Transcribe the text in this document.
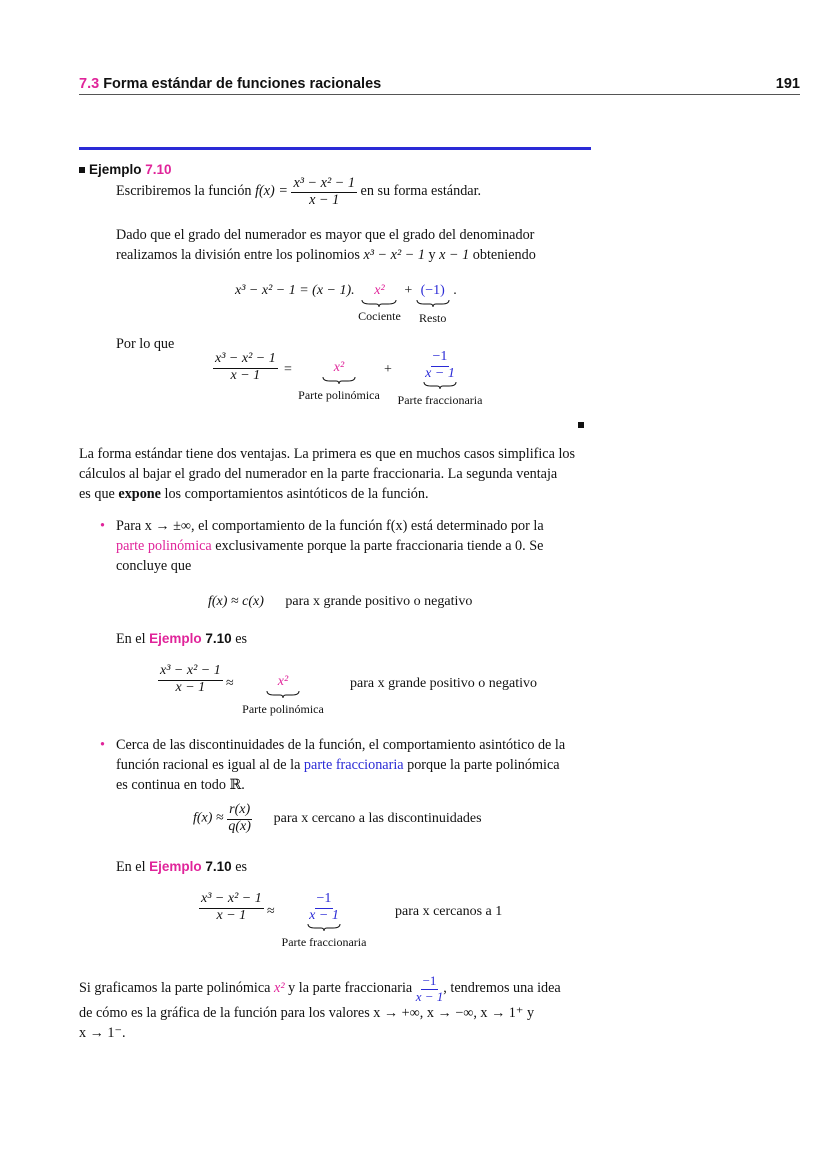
7.3 Forma estándar de funciones racionales	191
Ejemplo 7.10
Escribiremos la función $f(x) = \frac{\text{x³ − x² − 1}}{x - 1}$ en su forma estándar.
Dado que el grado del numerador es mayor que el grado del denominador
realizamos la división entre los polinomios x³ − x² − 1 y x − 1 obteniendo
x³ − x² − 1 = (x − 1). x²
Cociente
+ (−1)
Resto
.
Por lo que
$\frac{\text{x³ − x² − 1}}{x - 1}$ =	x²
Parte polinómica
+ $\frac{-1}{x - 1}$
Parte fraccionaria
La forma estándar tiene dos ventajas. La primera es que en muchos casos simplifica los
cálculos al bajar el grado del numerador en la parte fraccionaria. La segunda ventaja
es que expone los comportamientos asintóticos de la función.
• Para x → ±∞, el comportamiento de la función f(x) está determinado por la
parte polinómica exclusivamente porque la parte fraccionaria tiende a 0. Se
concluye que
f(x) ≈ c(x) para x grande positivo o negativo
En el Ejemplo 7.10 es
$\frac{\text{x³ − x² − 1}}{x - 1}$ ≈	x²
Parte polinómica
para x grande positivo o negativo
• Cerca de las discontinuidades de la función, el comportamiento asintótico de la
función racional es igual al de la parte fraccionaria porque la parte polinómica
es continua en todo ℝ.
$f(x) \approx \frac{r(x)}{q(x)}$ para x cercano a las discontinuidades
En el Ejemplo 7.10 es
$\frac{\text{x³ − x² − 1}}{x - 1} \approx \frac{-1}{x - 1}$
Parte fraccionaria
para x cercanos a 1
Si graficamos la parte polinómica x² y la parte fraccionaria $\frac{-1}{x - 1}$ , tendremos una idea
de cómo es la gráfica de la función para los valores x → +∞, x → −∞, x → 1⁺ y
x → 1⁻.
